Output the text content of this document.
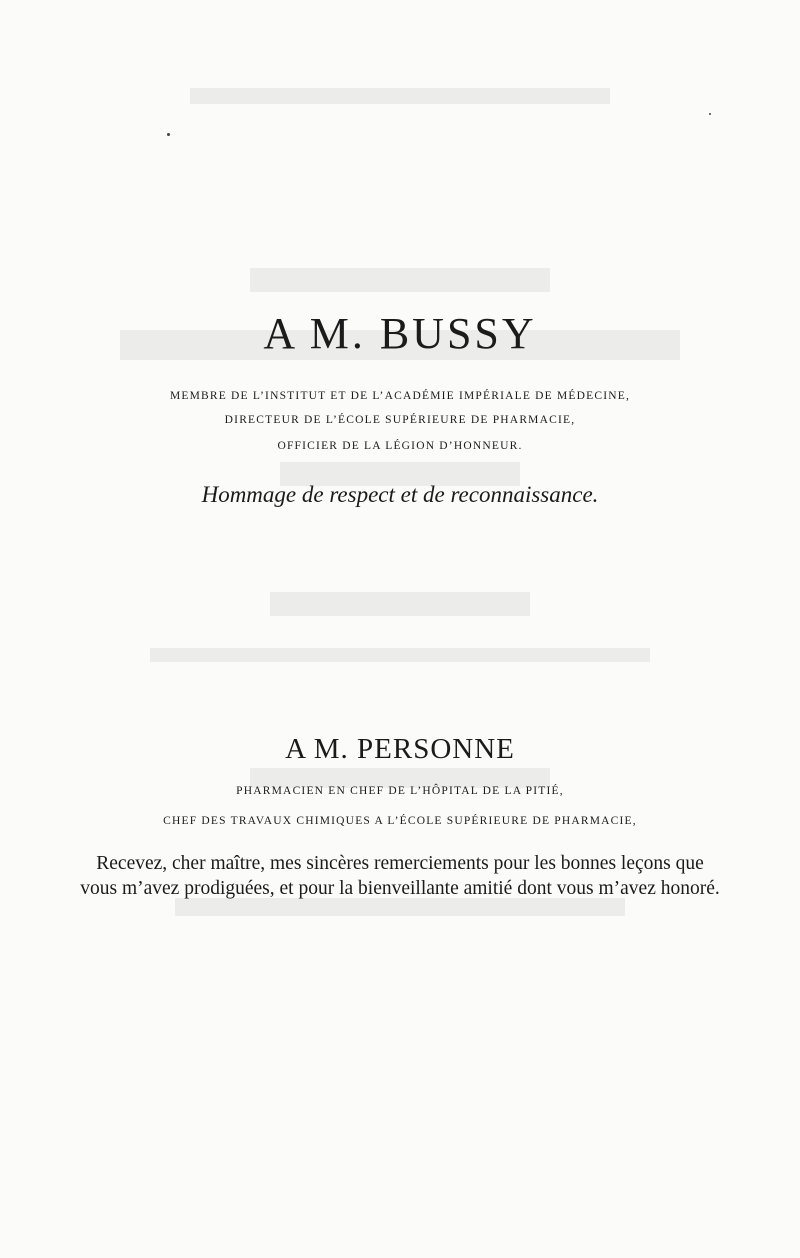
A M. BUSSY
MEMBRE DE L’INSTITUT ET DE L’ACADÉMIE IMPÉRIALE DE MÉDECINE,
DIRECTEUR DE L’ÉCOLE SUPÉRIEURE DE PHARMACIE,
OFFICIER DE LA LÉGION D’HONNEUR.
Hommage de respect et de reconnaissance.
A M. PERSONNE
PHARMACIEN EN CHEF DE L’HÔPITAL DE LA PITIÉ,
CHEF DES TRAVAUX CHIMIQUES A L’ÉCOLE SUPÉRIEURE DE PHARMACIE,
Recevez, cher maître, mes sincères remerciements pour les bonnes leçons que
vous m’avez prodiguées, et pour la bienveillante amitié dont vous m’avez honoré.
